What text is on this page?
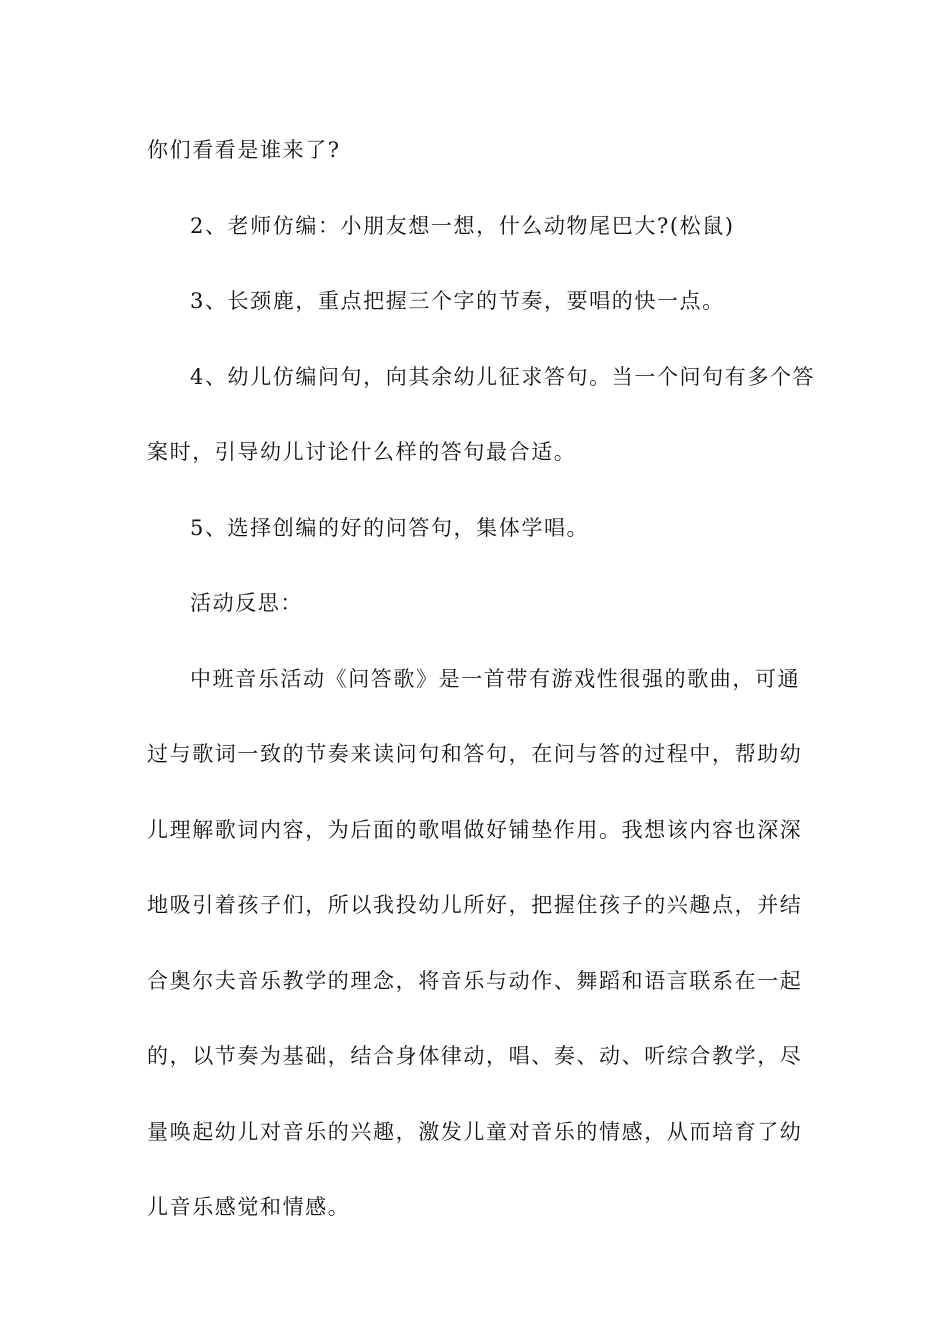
你们看看是谁来了?
2、老师仿编：小朋友想一想，什么动物尾巴大?(松鼠)
3、长颈鹿，重点把握三个字的节奏，要唱的快一点。
4、幼儿仿编问句，向其余幼儿征求答句。当一个问句有多个答
案时，引导幼儿讨论什么样的答句最合适。
5、选择创编的好的问答句，集体学唱。
活动反思：
中班音乐活动《问答歌》是一首带有游戏性很强的歌曲，可通
过与歌词一致的节奏来读问句和答句，在问与答的过程中，帮助幼
儿理解歌词内容，为后面的歌唱做好铺垫作用。我想该内容也深深
地吸引着孩子们，所以我投幼儿所好，把握住孩子的兴趣点，并结
合奥尔夫音乐教学的理念，将音乐与动作、舞蹈和语言联系在一起
的，以节奏为基础，结合身体律动，唱、奏、动、听综合教学，尽
量唤起幼儿对音乐的兴趣，激发儿童对音乐的情感，从而培育了幼
儿音乐感觉和情感。
